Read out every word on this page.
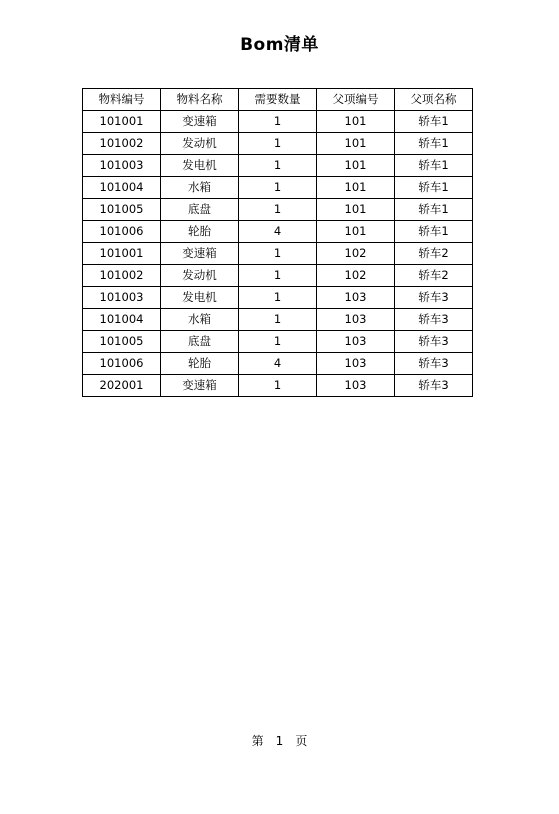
Bom清单
物料编号	物料名称	需要数量	父项编号	父项名称
101001	变速箱	1	101	轿车1
101002	发动机	1	101	轿车1
101003	发电机	1	101	轿车1
101004	水箱	1	101	轿车1
101005	底盘	1	101	轿车1
101006	轮胎	4	101	轿车1
101001	变速箱	1	102	轿车2
101002	发动机	1	102	轿车2
101003	发电机	1	103	轿车3
101004	水箱	1	103	轿车3
101005	底盘	1	103	轿车3
101006	轮胎	4	103	轿车3
202001	变速箱	1	103	轿车3
第 1 页
